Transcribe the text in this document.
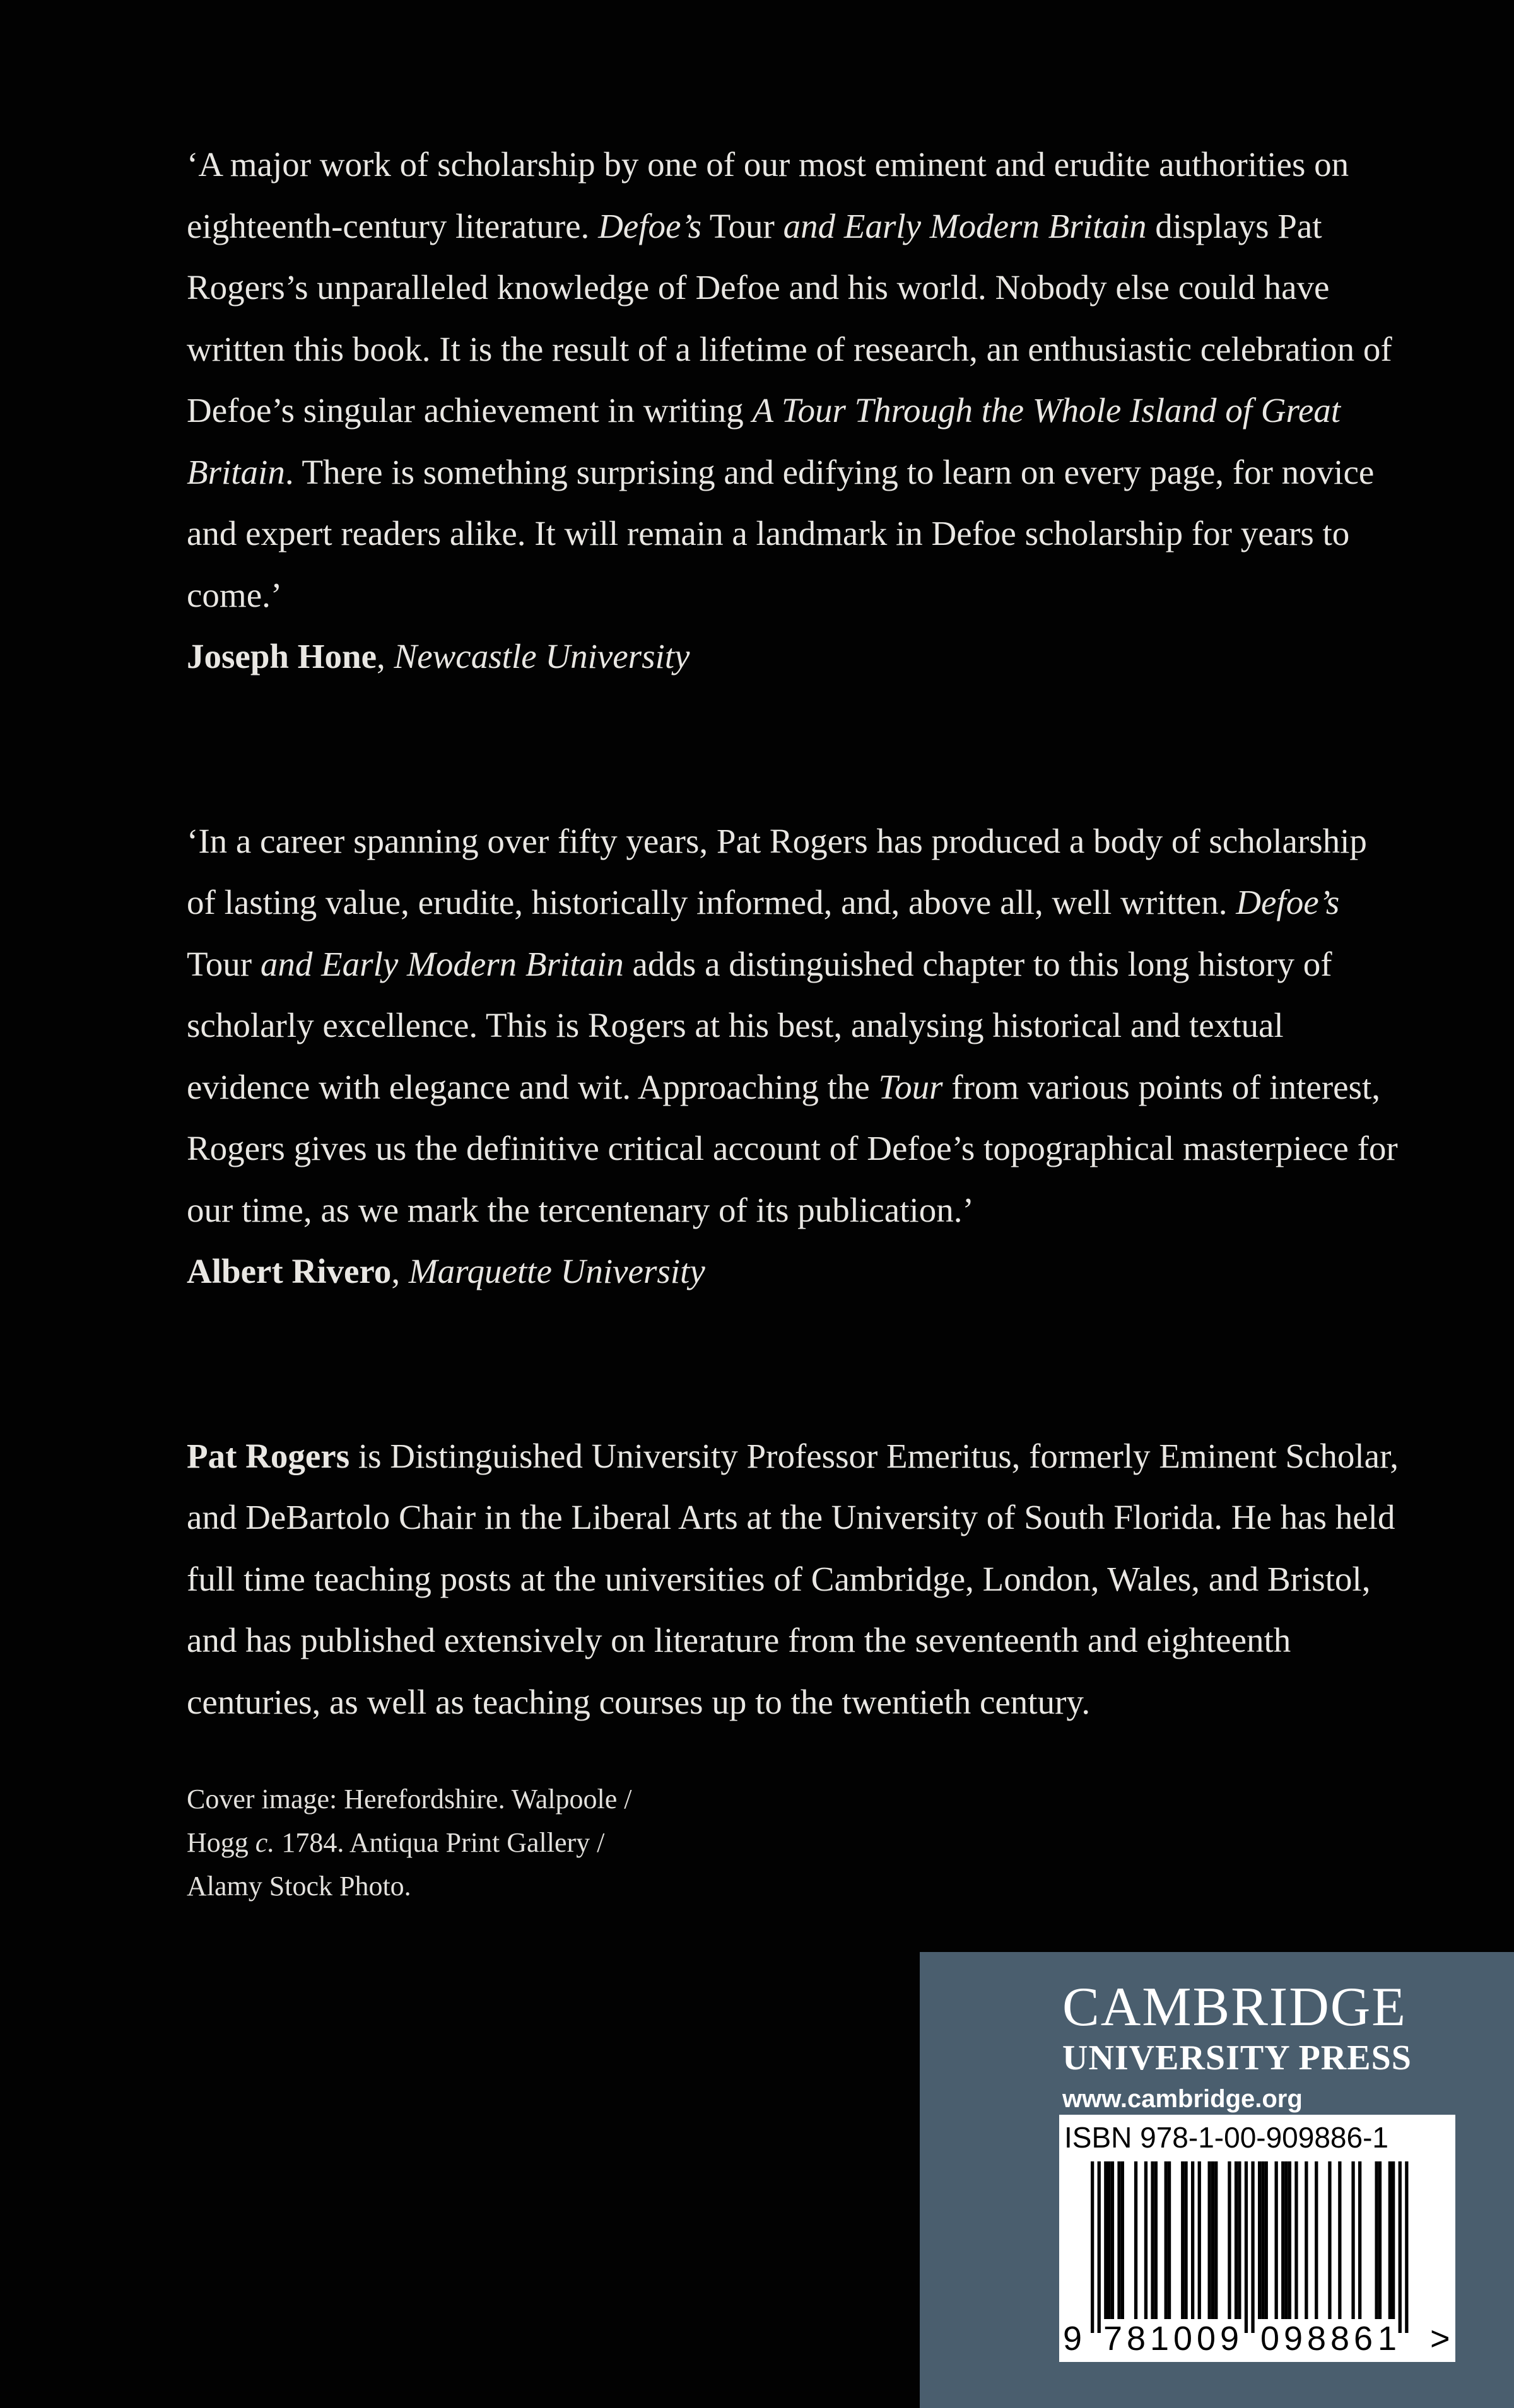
‘A major work of scholarship by one of our most eminent and erudite authorities on eighteenth-century literature. Defoe’s Tour and Early Modern Britain displays Pat Rogers’s unparalleled knowledge of Defoe and his world. Nobody else could have written this book. It is the result of a lifetime of research, an enthusiastic celebration of Defoe’s singular achievement in writing A Tour Through the Whole Island of Great Britain. There is something surprising and edifying to learn on every page, for novice and expert readers alike. It will remain a landmark in Defoe scholarship for years to come.’

Joseph Hone, Newcastle University

‘In a career spanning over fifty years, Pat Rogers has produced a body of scholarship of lasting value, erudite, historically informed, and, above all, well written. Defoe’s Tour and Early Modern Britain adds a distinguished chapter to this long history of scholarly excellence. This is Rogers at his best, analysing historical and textual evidence with elegance and wit. Approaching the Tour from various points of interest, Rogers gives us the definitive critical account of Defoe’s topographical masterpiece for our time, as we mark the tercentenary of its publication.’

Albert Rivero, Marquette University

Pat Rogers is Distinguished University Professor Emeritus, formerly Eminent Scholar, and DeBartolo Chair in the Liberal Arts at the University of South Florida. He has held full time teaching posts at the universities of Cambridge, London, Wales, and Bristol, and has published extensively on literature from the seventeenth and eighteenth centuries, as well as teaching courses up to the twentieth century.

Cover image: Herefordshire. Walpoole /
Hogg c. 1784. Antiqua Print Gallery /
Alamy Stock Photo.
CAMBRIDGE
UNIVERSITY PRESS
www.cambridge.org
ISBN 978-1-00-909886-1
9 7 8 1 0 0 9 0 9 8 8 6 1 >
